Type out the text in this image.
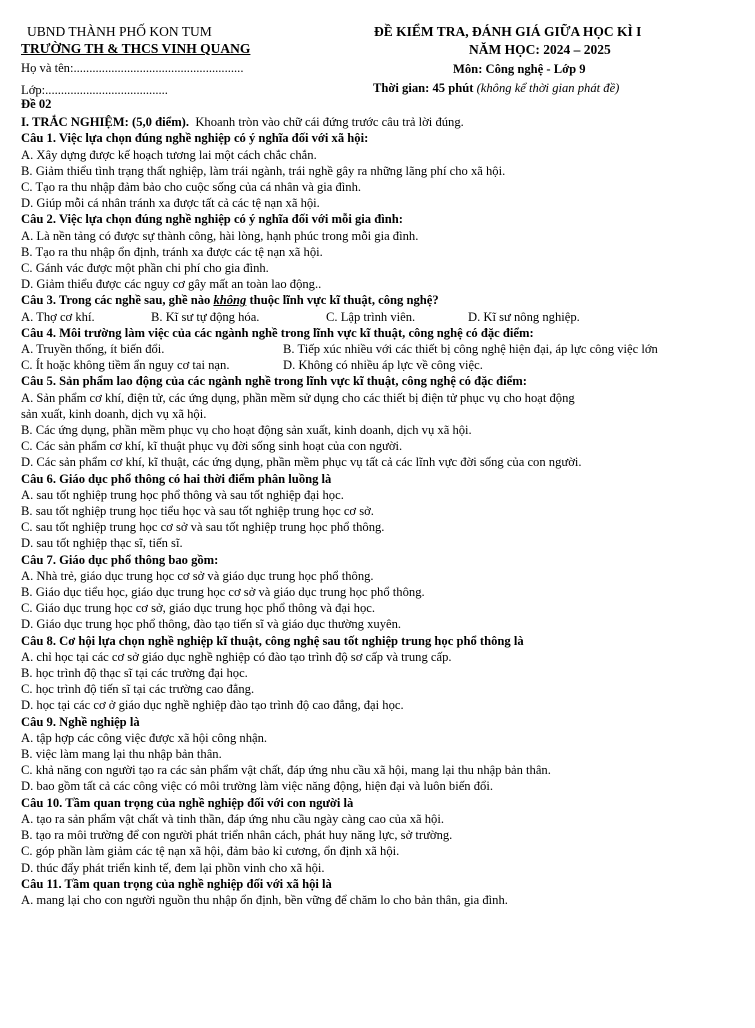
UBND THÀNH PHỐ KON TUM
TRƯỜNG TH & THCS VINH QUANG
Họ và tên:......................................................
Lớp:.......................................
ĐỀ KIỂM TRA, ĐÁNH GIÁ GIỮA HỌC KÌ I
NĂM HỌC: 2024 – 2025
Môn: Công nghệ - Lớp 9
Thời gian: 45 phút (không kể thời gian phát đề)
Đề 02
I. TRẮC NGHIỆM: (5,0 điểm). Khoanh tròn vào chữ cái đứng trước câu trả lời đúng.
Câu 1. Việc lựa chọn đúng nghề nghiệp có ý nghĩa đối với xã hội:
A. Xây dựng được kế hoạch tương lai một cách chắc chắn.
B. Giảm thiểu tình trạng thất nghiệp, làm trái ngành, trái nghề gây ra những lãng phí cho xã hội.
C. Tạo ra thu nhập đảm bảo cho cuộc sống của cá nhân và gia đình.
D. Giúp mỗi cá nhân tránh xa được tất cả các tệ nạn xã hội.
Câu 2. Việc lựa chọn đúng nghề nghiệp có ý nghĩa đối với mỗi gia đình:
A. Là nền tảng có được sự thành công, hài lòng, hạnh phúc trong mỗi gia đình.
B. Tạo ra thu nhập ổn định, tránh xa được các tệ nạn xã hội.
C. Gánh vác được một phần chi phí cho gia đình.
D. Giảm thiểu được các nguy cơ gây mất an toàn lao động..
Câu 3. Trong các nghề sau, ghề nào không thuộc lĩnh vực kĩ thuật, công nghệ?
A. Thợ cơ khí.	B. Kĩ sư tự động hóa.	C. Lập trình viên.	D. Kĩ sư nông nghiệp.
Câu 4. Môi trường làm việc của các ngành nghề trong lĩnh vực kĩ thuật, công nghệ có đặc điểm:
A. Truyền thống, ít biến đổi.	B. Tiếp xúc nhiều với các thiết bị công nghệ hiện đại, áp lực công việc lớn
C. Ít hoặc không tiềm ẩn nguy cơ tai nạn.	D. Không có nhiều áp lực về công việc.
Câu 5. Sản phẩm lao động của các ngành nghề trong lĩnh vực kĩ thuật, công nghệ có đặc điểm:
A. Sản phẩm cơ khí, điện tử, các ứng dụng, phần mềm sử dụng cho các thiết bị điện tử phục vụ cho hoạt động
sản xuất, kinh doanh, dịch vụ xã hội.
B. Các ứng dụng, phần mềm phục vụ cho hoạt động sản xuất, kinh doanh, dịch vụ xã hội.
C. Các sản phẩm cơ khí, kĩ thuật phục vụ đời sống sinh hoạt của con người.
D. Các sản phẩm cơ khí, kĩ thuật, các ứng dụng, phần mềm phục vụ tất cả các lĩnh vực đời sống của con người.
Câu 6. Giáo dục phổ thông có hai thời điểm phân luồng là
A. sau tốt nghiệp trung học phổ thông và sau tốt nghiệp đại học.
B. sau tốt nghiệp trung học tiểu học và sau tốt nghiệp trung học cơ sở.
C. sau tốt nghiệp trung học cơ sở và sau tốt nghiệp trung học phổ thông.
D. sau tốt nghiệp thạc sĩ, tiến sĩ.
Câu 7. Giáo dục phổ thông bao gồm:
A. Nhà trẻ, giáo dục trung học cơ sở và giáo dục trung học phổ thông.
B. Giáo dục tiểu học, giáo dục trung học cơ sở và giáo dục trung học phổ thông.
C. Giáo dục trung học cơ sở, giáo dục trung học phổ thông và đại học.
D. Giáo dục trung học phổ thông, đào tạo tiến sĩ và giáo dục thường xuyên.
Câu 8. Cơ hội lựa chọn nghề nghiệp kĩ thuật, công nghệ sau tốt nghiệp trung học phổ thông là
A. chỉ học tại các cơ sở giáo dục nghề nghiệp có đào tạo trình độ sơ cấp và trung cấp.
B. học trình độ thạc sĩ tại các trường đại học.
C. học trình độ tiến sĩ tại các trường cao đẳng.
D. học tại các cơ ở giáo dục nghề nghiệp đào tạo trình độ cao đẳng, đại học.
Câu 9. Nghề nghiệp là
A. tập hợp các công việc được xã hội công nhận.
B. việc làm mang lại thu nhập bản thân.
C. khả năng con người tạo ra các sản phẩm vật chất, đáp ứng nhu cầu xã hội, mang lại thu nhập bản thân.
D. bao gồm tất cả các công việc có môi trường làm việc năng động, hiện đại và luôn biến đổi.
Câu 10. Tầm quan trọng của nghề nghiệp đối với con người là
A. tạo ra sản phẩm vật chất và tinh thần, đáp ứng nhu cầu ngày càng cao của xã hội.
B. tạo ra môi trường để con người phát triển nhân cách, phát huy năng lực, sở trường.
C. góp phần làm giảm các tệ nạn xã hội, đảm bảo kỉ cương, ổn định xã hội.
D. thúc đẩy phát triển kinh tế, đem lại phồn vinh cho xã hội.
Câu 11. Tầm quan trọng của nghề nghiệp đối với xã hội là
A. mang lại cho con người nguồn thu nhập ổn định, bền vững để chăm lo cho bản thân, gia đình.
